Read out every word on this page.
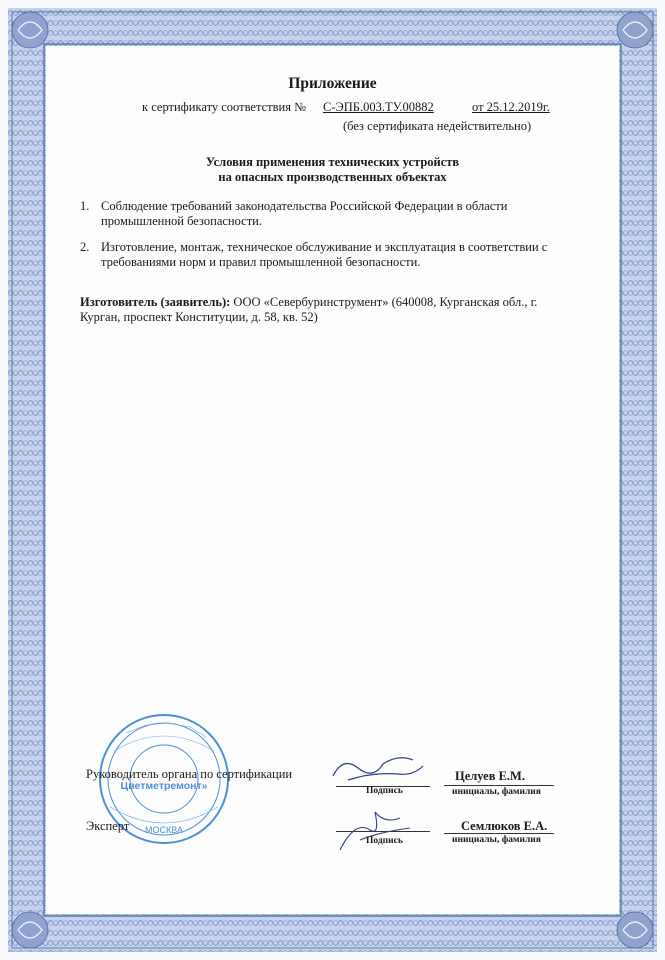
Приложение
к сертификату соответствия № С-ЭПБ.003.ТУ.00882	от 25.12.2019г.
(без сертификата недействительно)
Условия применения технических устройств
на опасных производственных объектах
1. Соблюдение требований законодательства Российской Федерации в области промышленной безопасности.
2. Изготовление, монтаж, техническое обслуживание и эксплуатация в соответствии с требованиями норм и правил промышленной безопасности.
Изготовитель (заявитель): ООО «Севербуринструмент» (640008, Курганская обл., г. Курган, проспект Конституции, д. 58, кв. 52)
МОСКВА
Цветметремонт»
Руководитель органа по сертификации
Подпись
Целуев Е.М.
инициалы, фамилия
Эксперт
Подпись
Семлюков Е.А.
инициалы, фамилия
